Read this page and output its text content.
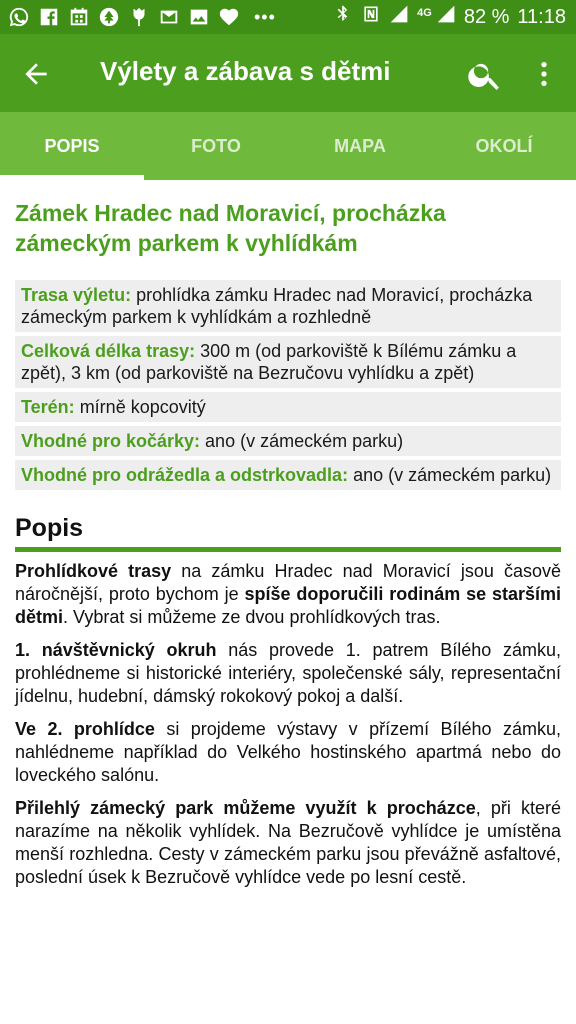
•••	4G 82 % 11:18
Výlety a zábava s dětmi
POPIS	FOTO	MAPA	OKOLÍ
Zámek Hradec nad Moravicí, procházka zámeckým parkem k vyhlídkám
Trasa výletu: prohlídka zámku Hradec nad Moravicí, procházka zámeckým parkem k vyhlídkám a rozhledně
Celková délka trasy: 300 m (od parkoviště k Bílému zámku a zpět), 3 km (od parkoviště na Bezručovu vyhlídku a zpět)
Terén: mírně kopcovitý
Vhodné pro kočárky: ano (v zámeckém parku)
Vhodné pro odrážedla a odstrkovadla: ano (v zámeckém parku)
Popis

Prohlídkové trasy na zámku Hradec nad Moravicí jsou časově náročnější, proto bychom je spíše doporučili rodinám se staršími dětmi. Vybrat si můžeme ze dvou prohlídkových tras.

1. návštěvnický okruh nás provede 1. patrem Bílého zámku, prohlédneme si historické interiéry, společenské sály, representační jídelnu, hudební, dámský rokokový pokoj a další.

Ve 2. prohlídce si projdeme výstavy v přízemí Bílého zámku, nahlédneme například do Velkého hostinského apartmá nebo do loveckého salónu.

Přilehlý zámecký park můžeme využít k procházce, při které narazíme na několik vyhlídek. Na Bezručově vyhlídce je umístěna menší rozhledna. Cesty v zámeckém parku jsou převážně asfaltové, poslední úsek k Bezručově vyhlídce vede po lesní cestě.
